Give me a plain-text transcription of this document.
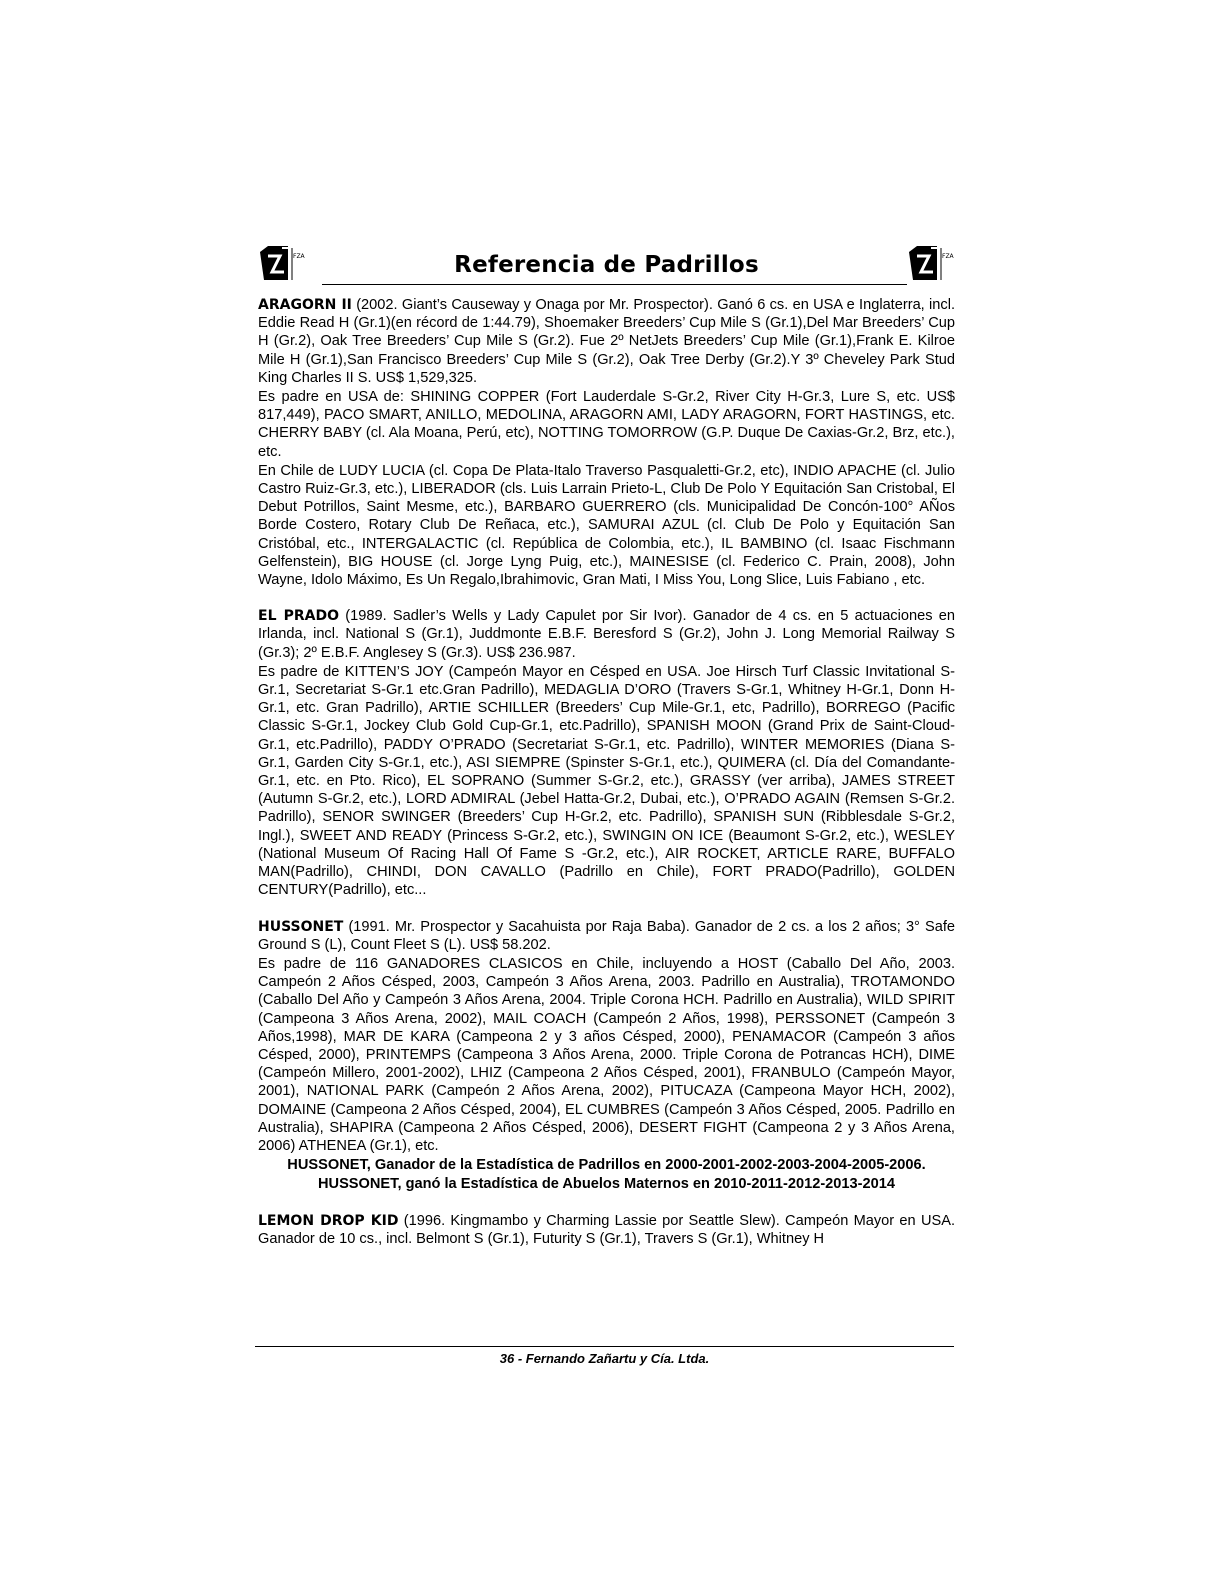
FZA	Referencia de Padrillos	FZA

ARAGORN II (2002. Giant’s Causeway y Onaga por Mr. Prospector). Ganó 6 cs. en USA e Inglaterra, incl. Eddie Read H (Gr.1)(en récord de 1:44.79), Shoemaker Breeders’ Cup Mile S (Gr.1),Del Mar Breeders’ Cup H (Gr.2), Oak Tree Breeders’ Cup Mile S (Gr.2). Fue 2º NetJets Breeders’ Cup Mile (Gr.1),Frank E. Kilroe Mile H (Gr.1),San Francisco Breeders’ Cup Mile S (Gr.2), Oak Tree Derby (Gr.2).Y 3º Cheveley Park Stud King Charles II S. US$ 1,529,325.

Es padre en USA de: SHINING COPPER (Fort Lauderdale S-Gr.2, River City H-Gr.3, Lure S, etc. US$ 817,449), PACO SMART, ANILLO, MEDOLINA, ARAGORN AMI, LADY ARAGORN, FORT HASTINGS, etc. CHERRY BABY (cl. Ala Moana, Perú, etc), NOTTING TOMORROW (G.P. Duque De Caxias-Gr.2, Brz, etc.), etc.

En Chile de LUDY LUCIA (cl. Copa De Plata-Italo Traverso Pasqualetti-Gr.2, etc), INDIO APACHE (cl. Julio Castro Ruiz-Gr.3, etc.), LIBERADOR (cls. Luis Larrain Prieto-L, Club De Polo Y Equitación San Cristobal, El Debut Potrillos, Saint Mesme, etc.), BARBARO GUERRERO (cls. Municipalidad De Concón-100° AÑos Borde Costero, Rotary Club De Reñaca, etc.), SAMURAI AZUL (cl. Club De Polo y Equitación San Cristóbal, etc., INTERGALACTIC (cl. República de Colombia, etc.), IL BAMBINO (cl. Isaac Fischmann Gelfenstein), BIG HOUSE (cl. Jorge Lyng Puig, etc.), MAINESISE (cl. Federico C. Prain, 2008), John Wayne, Idolo Máximo, Es Un Regalo,Ibrahimovic, Gran Mati, I Miss You, Long Slice, Luis Fabiano , etc.

EL PRADO (1989. Sadler’s Wells y Lady Capulet por Sir Ivor). Ganador de 4 cs. en 5 actuaciones en Irlanda, incl. National S (Gr.1), Juddmonte E.B.F. Beresford S (Gr.2), John J. Long Memorial Railway S (Gr.3); 2º E.B.F. Anglesey S (Gr.3). US$ 236.987.

Es padre de KITTEN’S JOY (Campeón Mayor en Césped en USA. Joe Hirsch Turf Classic Invitational S-Gr.1, Secretariat S-Gr.1 etc.Gran Padrillo), MEDAGLIA D’ORO (Travers S-Gr.1, Whitney H-Gr.1, Donn H-Gr.1, etc. Gran Padrillo), ARTIE SCHILLER (Breeders’ Cup Mile-Gr.1, etc, Padrillo), BORREGO (Pacific Classic S-Gr.1, Jockey Club Gold Cup-Gr.1, etc.Padrillo), SPANISH MOON (Grand Prix de Saint-Cloud-Gr.1, etc.Padrillo), PADDY O’PRADO (Secretariat S-Gr.1, etc. Padrillo), WINTER MEMORIES (Diana S-Gr.1, Garden City S-Gr.1, etc.), ASI SIEMPRE (Spinster S-Gr.1, etc.), QUIMERA (cl. Día del Comandante-Gr.1, etc. en Pto. Rico), EL SOPRANO (Summer S-Gr.2, etc.), GRASSY (ver arriba), JAMES STREET (Autumn S-Gr.2, etc.), LORD ADMIRAL (Jebel Hatta-Gr.2, Dubai, etc.), O’PRADO AGAIN (Remsen S-Gr.2. Padrillo), SENOR SWINGER (Breeders’ Cup H-Gr.2, etc. Padrillo), SPANISH SUN (Ribblesdale S-Gr.2, Ingl.), SWEET AND READY (Princess S-Gr.2, etc.), SWINGIN ON ICE (Beaumont S-Gr.2, etc.), WESLEY (National Museum Of Racing Hall Of Fame S -Gr.2, etc.), AIR ROCKET, ARTICLE RARE, BUFFALO MAN(Padrillo), CHINDI, DON CAVALLO (Padrillo en Chile), FORT PRADO(Padrillo), GOLDEN CENTURY(Padrillo), etc...

HUSSONET (1991. Mr. Prospector y Sacahuista por Raja Baba). Ganador de 2 cs. a los 2 años; 3° Safe Ground S (L), Count Fleet S (L). US$ 58.202.

Es padre de 116 GANADORES CLASICOS en Chile, incluyendo a HOST (Caballo Del Año, 2003. Campeón 2 Años Césped, 2003, Campeón 3 Años Arena, 2003. Padrillo en Australia), TROTAMONDO (Caballo Del Año y Campeón 3 Años Arena, 2004. Triple Corona HCH. Padrillo en Australia), WILD SPIRIT (Campeona 3 Años Arena, 2002), MAIL COACH (Campeón 2 Años, 1998), PERSSONET (Campeón 3 Años,1998), MAR DE KARA (Campeona 2 y 3 años Césped, 2000), PENAMACOR (Campeón 3 años Césped, 2000), PRINTEMPS (Campeona 3 Años Arena, 2000. Triple Corona de Potrancas HCH), DIME (Campeón Millero, 2001-2002), LHIZ (Campeona 2 Años Césped, 2001), FRANBULO (Campeón Mayor, 2001), NATIONAL PARK (Campeón 2 Años Arena, 2002), PITUCAZA (Campeona Mayor HCH, 2002), DOMAINE (Campeona 2 Años Césped, 2004), EL CUMBRES (Campeón 3 Años Césped, 2005. Padrillo en Australia), SHAPIRA (Campeona 2 Años Césped, 2006), DESERT FIGHT (Campeona 2 y 3 Años Arena, 2006) ATHENEA (Gr.1), etc.

HUSSONET, Ganador de la Estadística de Padrillos en 2000-2001-2002-2003-2004-2005-2006.

HUSSONET, ganó la Estadística de Abuelos Maternos en 2010-2011-2012-2013-2014

LEMON DROP KID (1996. Kingmambo y Charming Lassie por Seattle Slew). Campeón Mayor en USA. Ganador de 10 cs., incl. Belmont S (Gr.1), Futurity S (Gr.1), Travers S (Gr.1), Whitney H

36 - Fernando Zañartu y Cía. Ltda.
